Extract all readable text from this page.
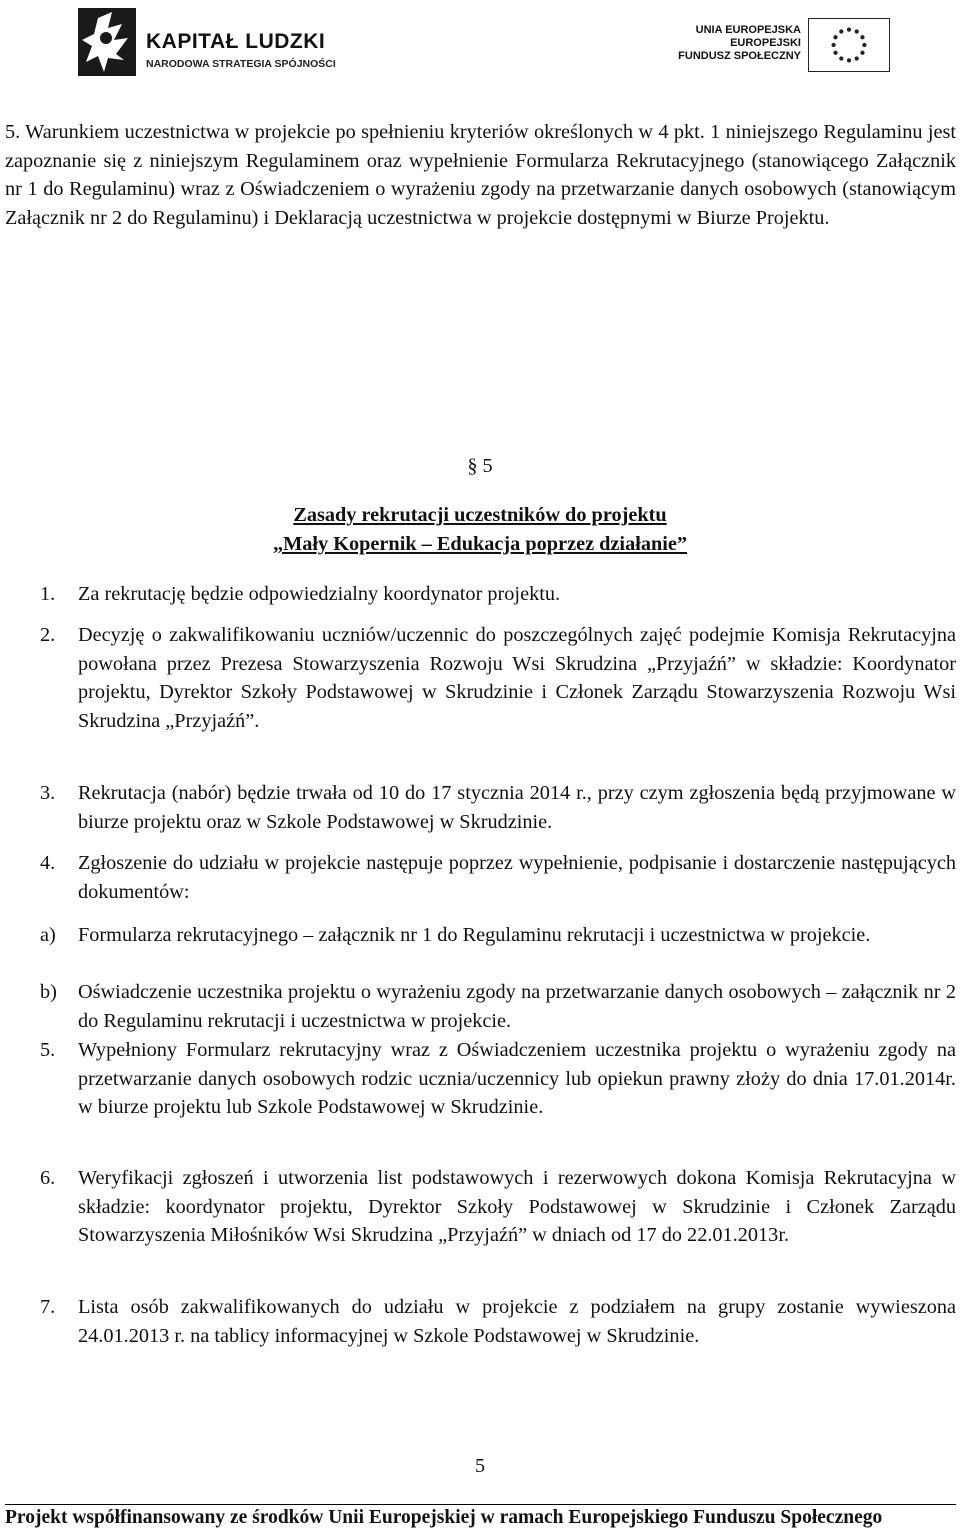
KAPITAŁ LUDZKI
NARODOWA STRATEGIA SPÓJNOŚCI
UNIA EUROPEJSKA
EUROPEJSKI
FUNDUSZ SPOŁECZNY
5. Warunkiem uczestnictwa w projekcie po spełnieniu kryteriów określonych w 4 pkt. 1 niniejszego Regulaminu jest zapoznanie się z niniejszym Regulaminem oraz wypełnienie Formularza Rekrutacyjnego (stanowiącego Załącznik nr 1 do Regulaminu) wraz z Oświadczeniem o wyrażeniu zgody na przetwarzanie danych osobowych (stanowiącym Załącznik nr 2 do Regulaminu) i Deklaracją uczestnictwa w projekcie dostępnymi w Biurze Projektu.
§ 5
Zasady rekrutacji uczestników do projektu
„Mały Kopernik – Edukacja poprzez działanie”
1. Za rekrutację będzie odpowiedzialny koordynator projektu.
2. Decyzję o zakwalifikowaniu uczniów/uczennic do poszczególnych zajęć podejmie Komisja Rekrutacyjna powołana przez Prezesa Stowarzyszenia Rozwoju Wsi Skrudzina „Przyjaźń” w składzie: Koordynator projektu, Dyrektor Szkoły Podstawowej w Skrudzinie i Członek Zarządu Stowarzyszenia Rozwoju Wsi Skrudzina „Przyjaźń”.
3. Rekrutacja (nabór) będzie trwała od 10 do 17 stycznia 2014 r., przy czym zgłoszenia będą przyjmowane w biurze projektu oraz w Szkole Podstawowej w Skrudzinie.
4. Zgłoszenie do udziału w projekcie następuje poprzez wypełnienie, podpisanie i dostarczenie następujących dokumentów:
a) Formularza rekrutacyjnego – załącznik nr 1 do Regulaminu rekrutacji i uczestnictwa w projekcie.
b) Oświadczenie uczestnika projektu o wyrażeniu zgody na przetwarzanie danych osobowych – załącznik nr 2 do Regulaminu rekrutacji i uczestnictwa w projekcie.
5. Wypełniony Formularz rekrutacyjny wraz z Oświadczeniem uczestnika projektu o wyrażeniu zgody na przetwarzanie danych osobowych rodzic ucznia/uczennicy lub opiekun prawny złoży do dnia 17.01.2014r. w biurze projektu lub Szkole Podstawowej w Skrudzinie.
6. Weryfikacji zgłoszeń i utworzenia list podstawowych i rezerwowych dokona Komisja Rekrutacyjna w składzie: koordynator projektu, Dyrektor Szkoły Podstawowej w Skrudzinie i Członek Zarządu Stowarzyszenia Miłośników Wsi Skrudzina „Przyjaźń” w dniach od 17 do 22.01.2013r.
7. Lista osób zakwalifikowanych do udziału w projekcie z podziałem na grupy zostanie wywieszona 24.01.2013 r. na tablicy informacyjnej w Szkole Podstawowej w Skrudzinie.
5
Projekt współfinansowany ze środków Unii Europejskiej w ramach Europejskiego Funduszu Społecznego
